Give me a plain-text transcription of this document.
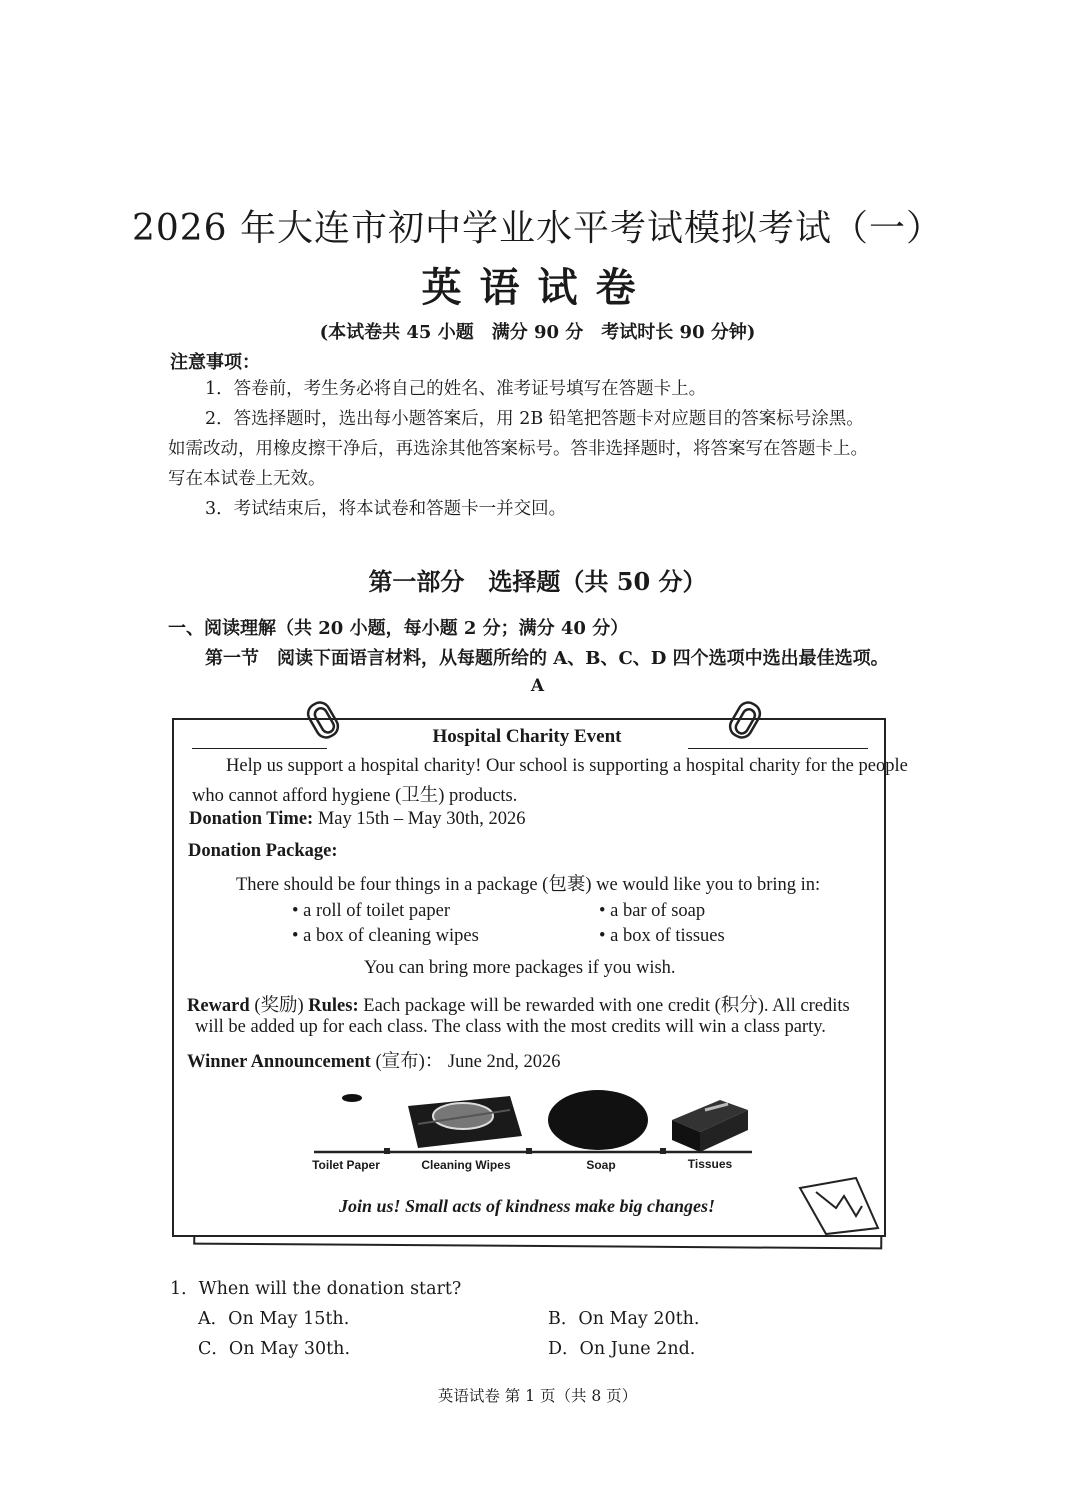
2026 年大连市初中学业水平考试模拟考试（一）
英语试卷
(本试卷共 45 小题　满分 90 分　考试时长 90 分钟)
注意事项：
1．答卷前，考生务必将自己的姓名、准考证号填写在答题卡上。
2．答选择题时，选出每小题答案后，用 2B 铅笔把答题卡对应题目的答案标号涂黑。
如需改动，用橡皮擦干净后，再选涂其他答案标号。答非选择题时，将答案写在答题卡上。
写在本试卷上无效。
3．考试结束后，将本试卷和答题卡一并交回。
第一部分　选择题（共 50 分）
一、阅读理解（共 20 小题，每小题 2 分；满分 40 分）
第一节　阅读下面语言材料，从每题所给的 A、B、C、D 四个选项中选出最佳选项。
A
Hospital Charity Event
Help us support a hospital charity! Our school is supporting a hospital charity for the people
who cannot afford hygiene (卫生) products.
Donation Time: May 15th – May 30th, 2026
Donation Package:
There should be four things in a package (包裹) we would like you to bring in:
• a roll of toilet paper	• a bar of soap
• a box of cleaning wipes	• a box of tissues
You can bring more packages if you wish.
Reward (奖励) Rules: Each package will be rewarded with one credit (积分). All credits
will be added up for each class. The class with the most credits will win a class party.
Winner Announcement (宣布)： June 2nd, 2026
Toilet Paper	Cleaning Wipes	Soap	Tissues
Join us! Small acts of kindness make big changes!
1．When will the donation start?
A．On May 15th.	B．On May 20th.
C．On May 30th.	D．On June 2nd.
英语试卷 第 1 页（共 8 页）
